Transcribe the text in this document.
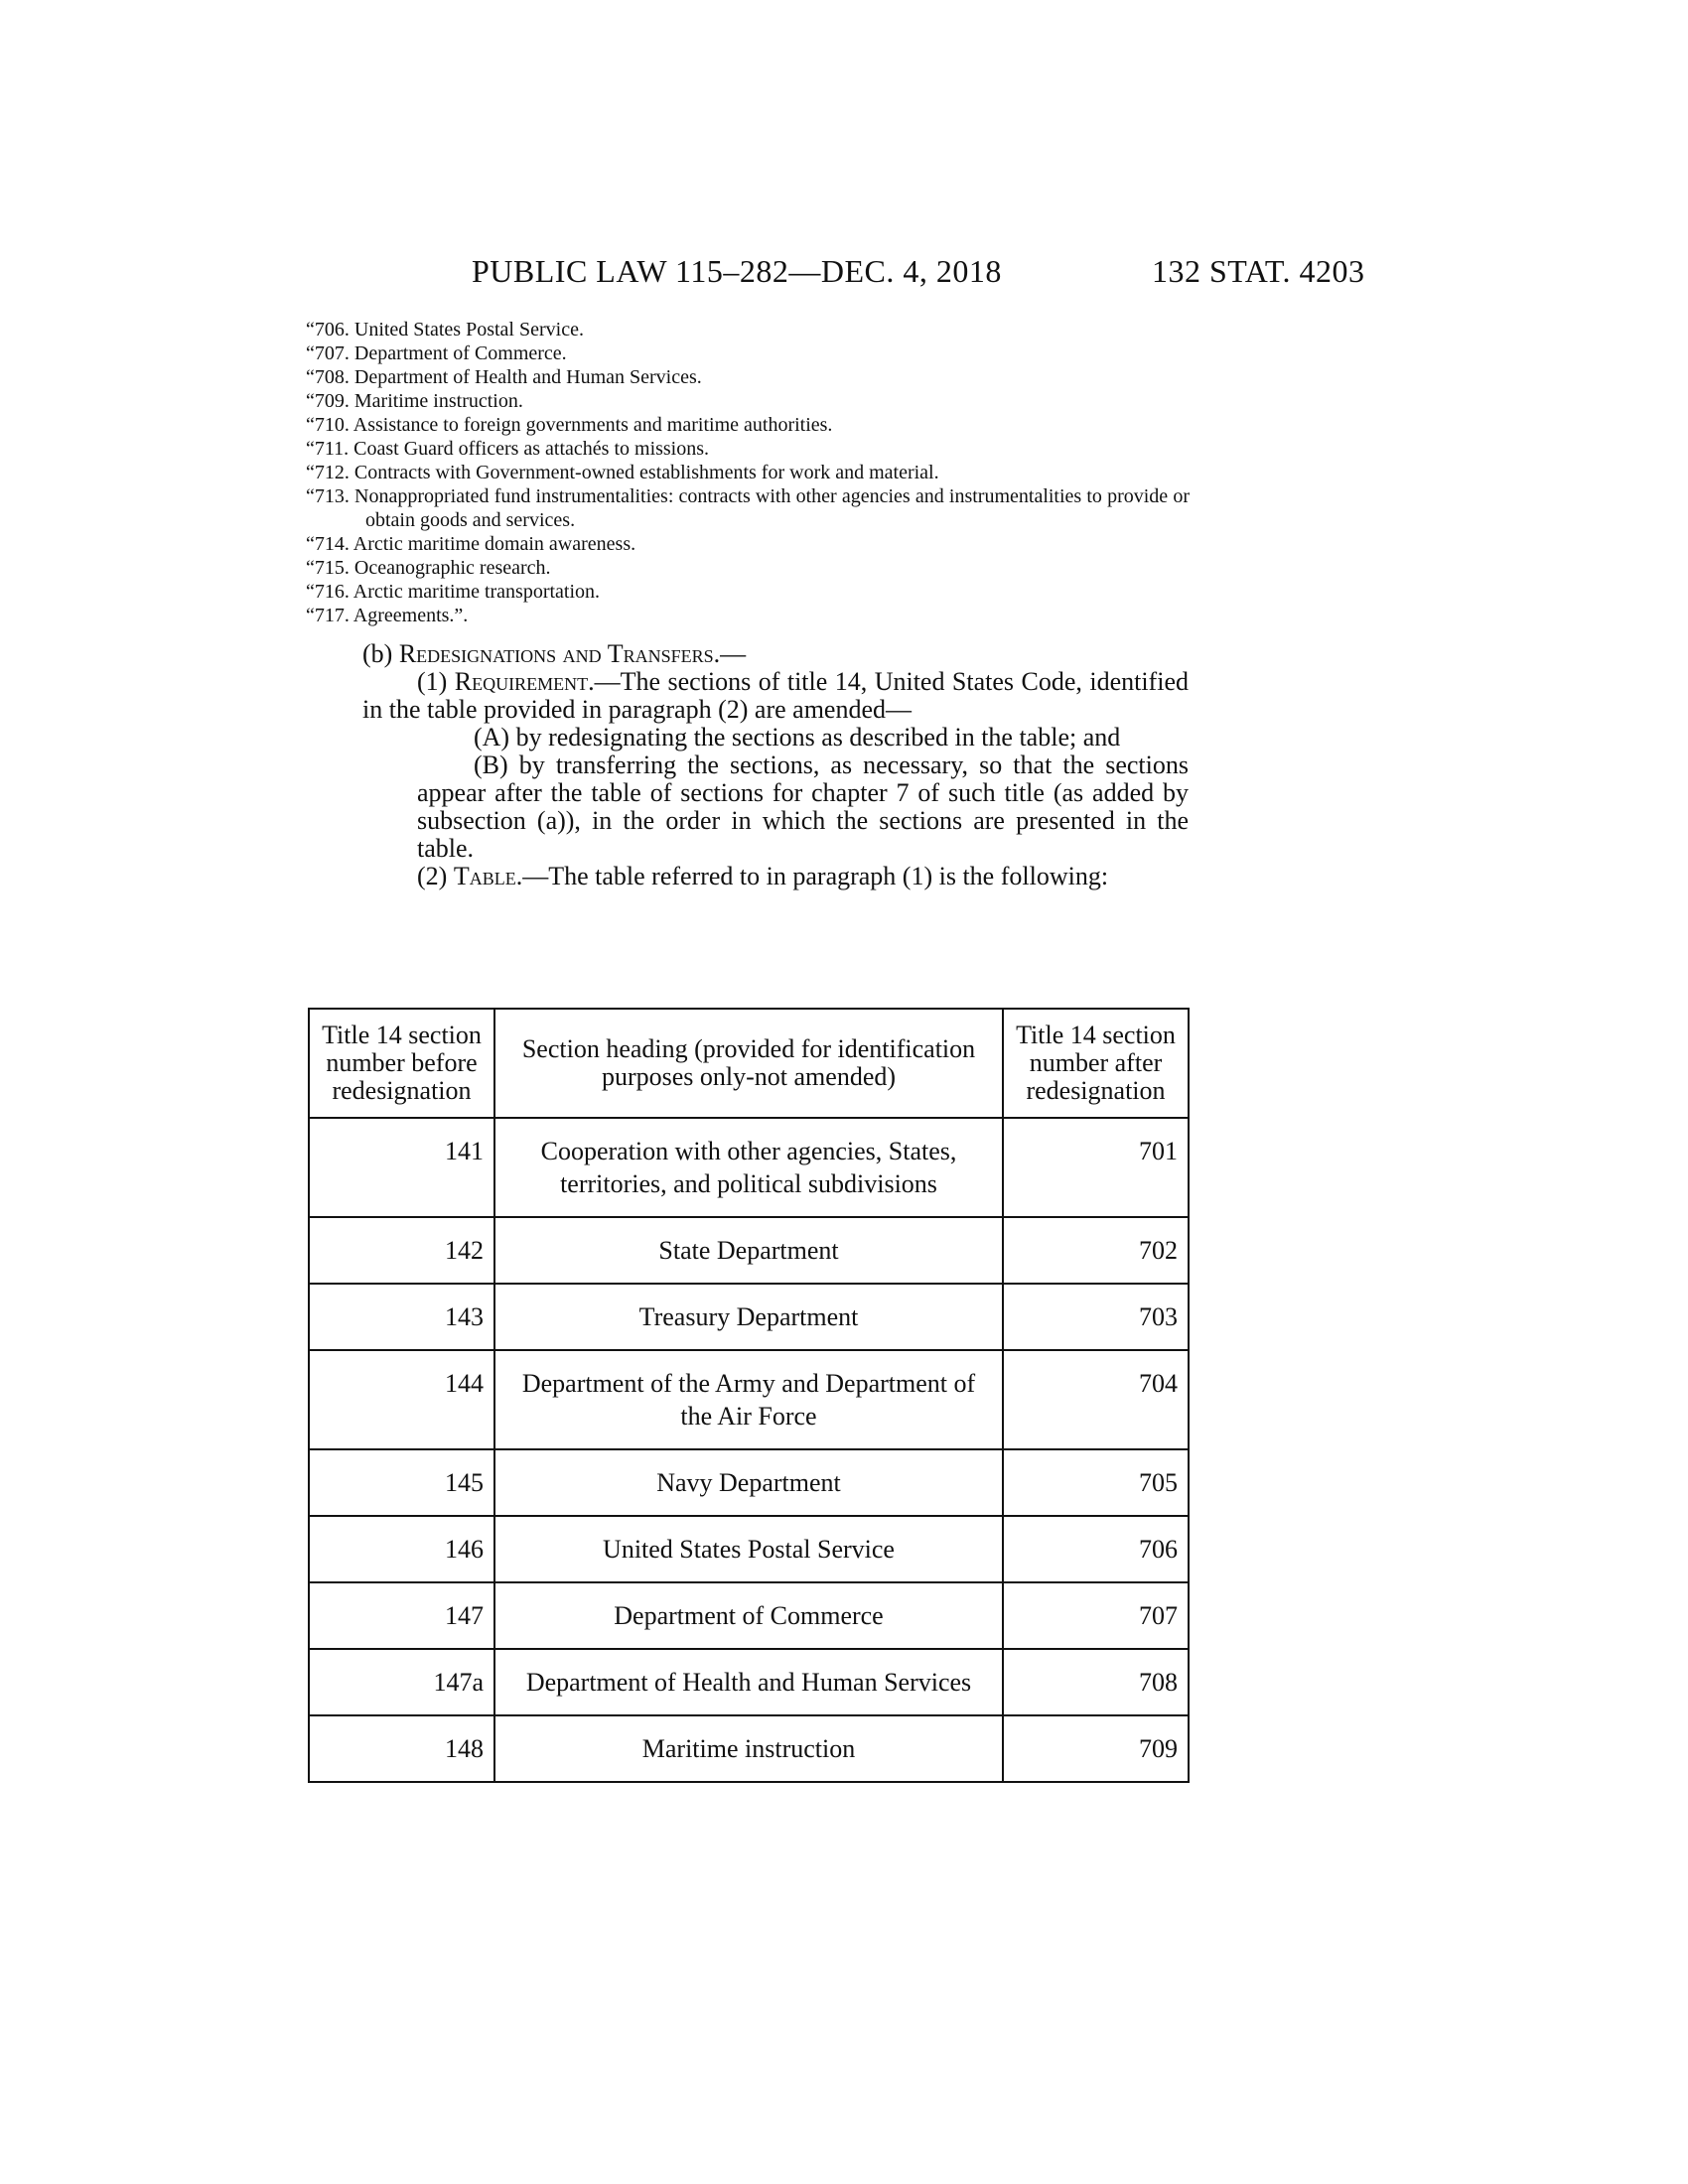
PUBLIC LAW 115–282—DEC. 4, 2018	132 STAT. 4203
“706. United States Postal Service.
“707. Department of Commerce.
“708. Department of Health and Human Services.
“709. Maritime instruction.
“710. Assistance to foreign governments and maritime authorities.
“711. Coast Guard officers as attachés to missions.
“712. Contracts with Government-owned establishments for work and material.
“713. Nonappropriated fund instrumentalities: contracts with other agencies and instrumentalities to provide or obtain goods and services.
“714. Arctic maritime domain awareness.
“715. Oceanographic research.
“716. Arctic maritime transportation.
“717. Agreements.”.

(b) Redesignations and Transfers.—

(1) Requirement.—The sections of title 14, United States Code, identified in the table provided in paragraph (2) are amended—

(A) by redesignating the sections as described in the table; and

(B) by transferring the sections, as necessary, so that the sections appear after the table of sections for chapter 7 of such title (as added by subsection (a)), in the order in which the sections are presented in the table.

(2) Table.—The table referred to in paragraph (1) is the following:

Title 14 section number before redesignation	Section heading (provided for identification purposes only-not amended)	Title 14 section number after redesignation
141	Cooperation with other agencies, States, territories, and political subdivisions	701
142	State Department	702
143	Treasury Department	703
144	Department of the Army and Department of the Air Force	704
145	Navy Department	705
146	United States Postal Service	706
147	Department of Commerce	707
147a	Department of Health and Human Services	708
148	Maritime instruction	709
